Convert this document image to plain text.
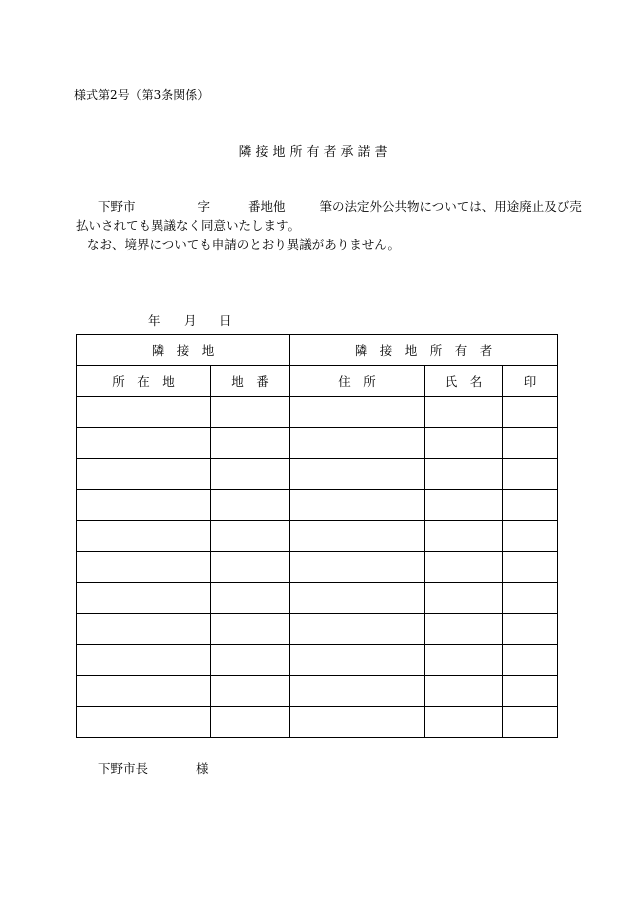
様式第2号（第3条関係）
隣接地所有者承諾書
下野市	字	番地他	筆の法定外公共物については、用途廃止及び売
払いされても異議なく同意いたします。
なお、境界についても申請のとおり異議がありません。
年 月 日
隣　接　地		隣　接　地　所　有　者		

所　在　地	地　番	住　所	氏　名	印

下野市長	様
